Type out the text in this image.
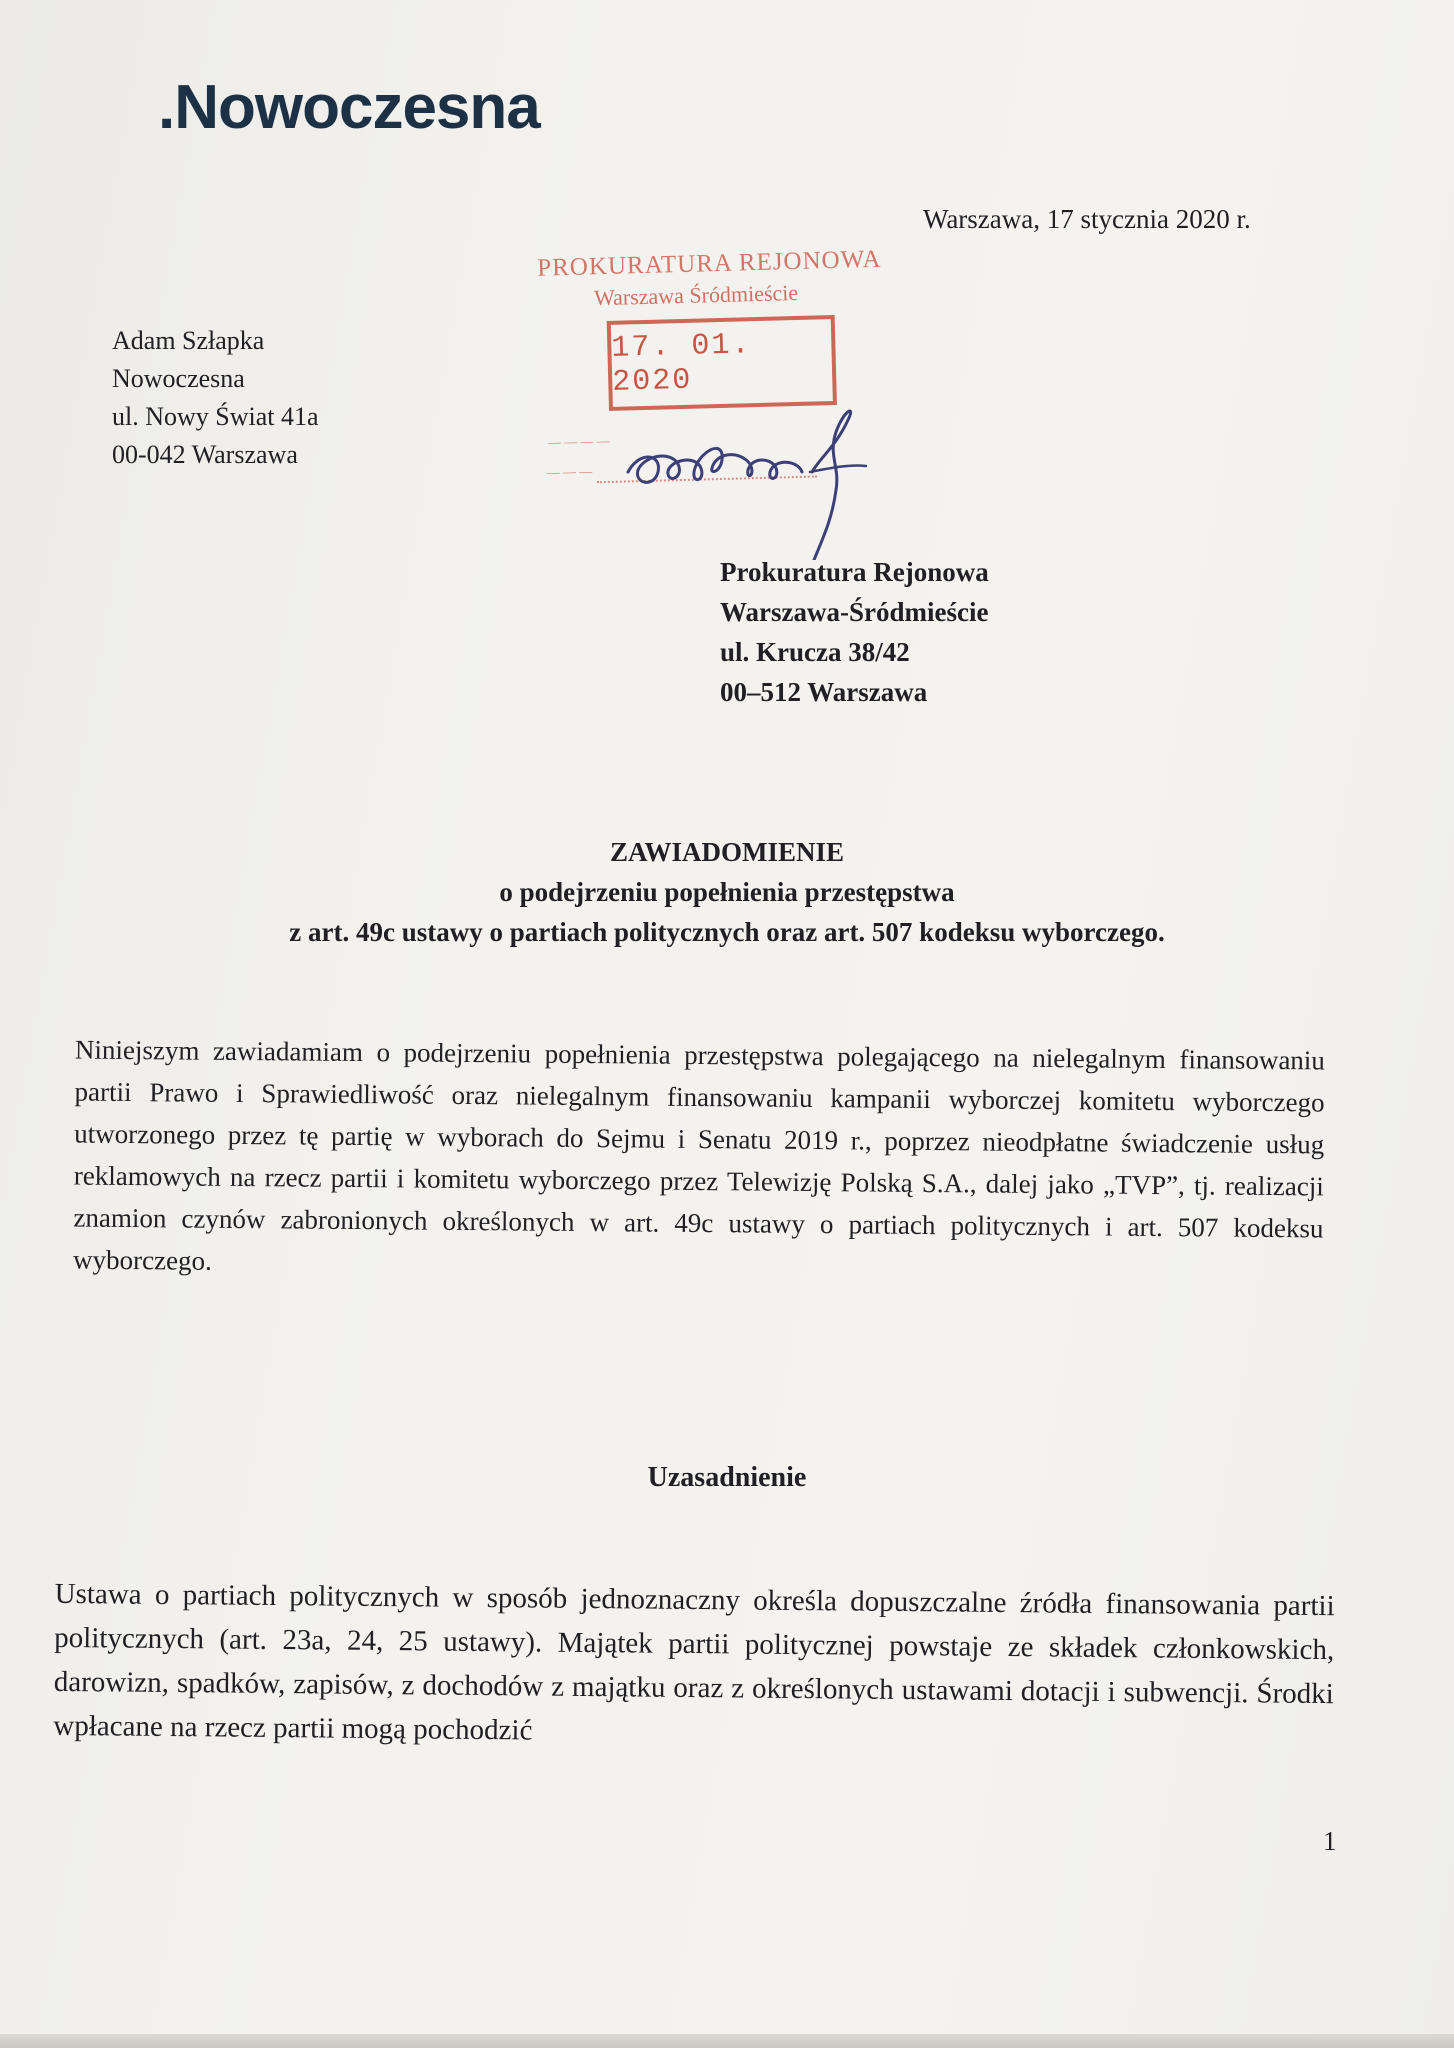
.Nowoczesna
Warszawa, 17 stycznia 2020 r.
Adam Szłapka
Nowoczesna
ul. Nowy Świat 41a
00-042 Warszawa
PROKURATURA REJONOWA
Warszawa Śródmieście
17. 01. 2020
— — — —
— — —
Prokuratura Rejonowa
Warszawa-Śródmieście
ul. Krucza 38/42
00–512 Warszawa
ZAWIADOMIENIE
o podejrzeniu popełnienia przestępstwa
z art. 49c ustawy o partiach politycznych oraz art. 507 kodeksu wyborczego.

Niniejszym zawiadamiam o podejrzeniu popełnienia przestępstwa polegającego na nielegalnym finansowaniu partii Prawo i Sprawiedliwość oraz nielegalnym finansowaniu kampanii wyborczej komitetu wyborczego utworzonego przez tę partię w wyborach do Sejmu i Senatu 2019 r., poprzez nieodpłatne świadczenie usług reklamowych na rzecz partii i komitetu wyborczego przez Telewizję Polską S.A., dalej jako „TVP”, tj. realizacji znamion czynów zabronionych określonych w art. 49c ustawy o partiach politycznych i art. 507 kodeksu wyborczego.

Uzasadnienie

Ustawa o partiach politycznych w sposób jednoznaczny określa dopuszczalne źródła finansowania partii politycznych (art. 23a, 24, 25 ustawy). Majątek partii politycznej powstaje ze składek członkowskich, darowizn, spadków, zapisów, z dochodów z majątku oraz z określonych ustawami dotacji i subwencji. Środki wpłacane na rzecz partii mogą pochodzić

1
